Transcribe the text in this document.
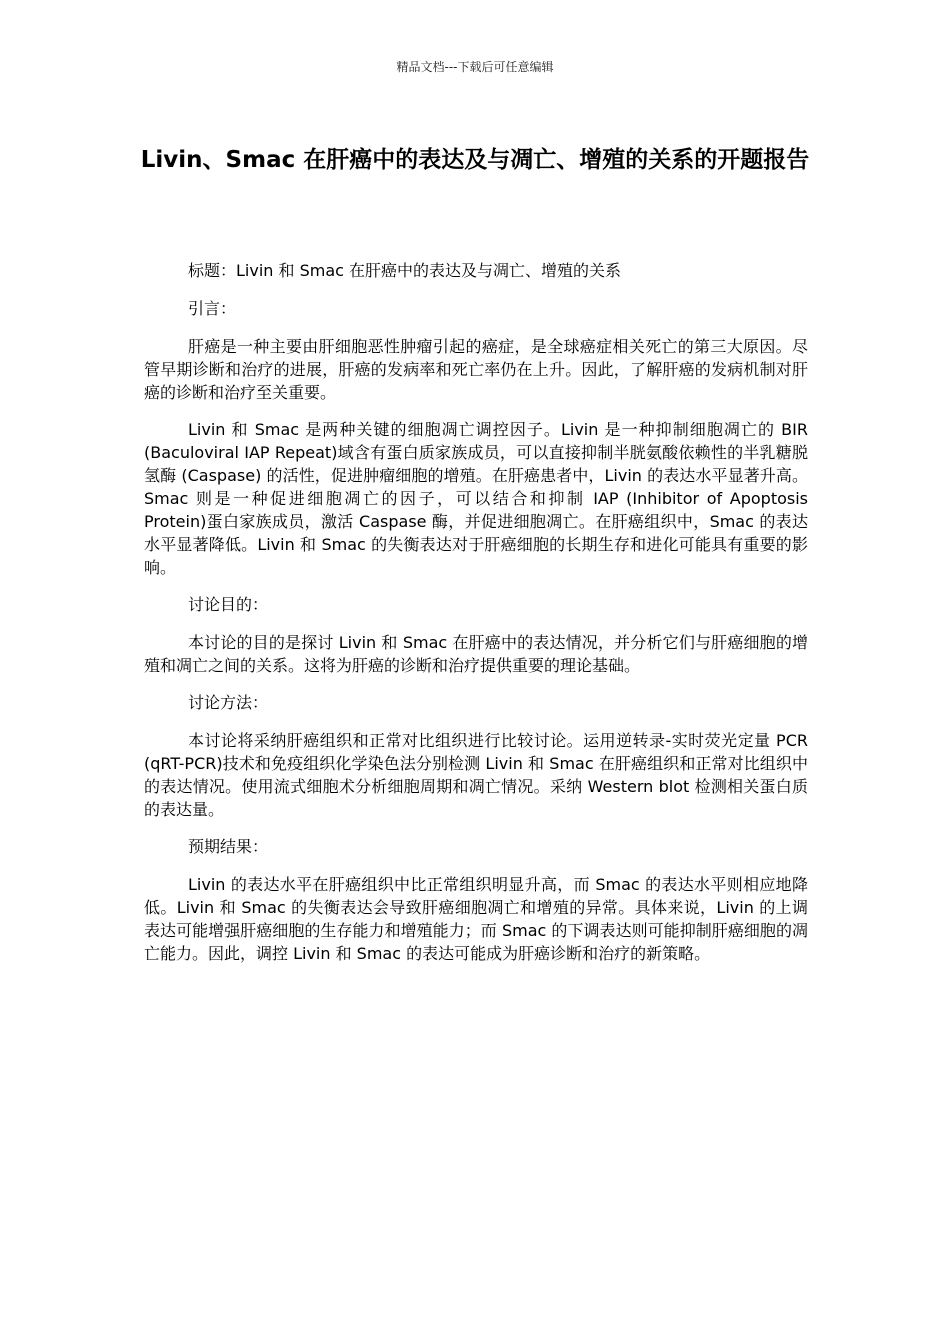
精品文档---下载后可任意编辑
Livin、Smac 在肝癌中的表达及与凋亡、增殖的关系的开题报告

标题：Livin 和 Smac 在肝癌中的表达及与凋亡、增殖的关系

引言：

肝癌是一种主要由肝细胞恶性肿瘤引起的癌症，是全球癌症相关死亡的第三大原因。尽管早期诊断和治疗的进展，肝癌的发病率和死亡率仍在上升。因此，了解肝癌的发病机制对肝癌的诊断和治疗至关重要。

Livin 和 Smac 是两种关键的细胞凋亡调控因子。Livin 是一种抑制细胞凋亡的 BIR (Baculoviral IAP Repeat)域含有蛋白质家族成员，可以直接抑制半胱氨酸依赖性的半乳糖脱氢酶 (Caspase) 的活性，促进肿瘤细胞的增殖。在肝癌患者中，Livin 的表达水平显著升高。Smac 则是一种促进细胞凋亡的因子，可以结合和抑制 IAP (Inhibitor of Apoptosis Protein)蛋白家族成员，激活 Caspase 酶，并促进细胞凋亡。在肝癌组织中，Smac 的表达水平显著降低。Livin 和 Smac 的失衡表达对于肝癌细胞的长期生存和进化可能具有重要的影响。

讨论目的：

本讨论的目的是探讨 Livin 和 Smac 在肝癌中的表达情况，并分析它们与肝癌细胞的增殖和凋亡之间的关系。这将为肝癌的诊断和治疗提供重要的理论基础。

讨论方法：

本讨论将采纳肝癌组织和正常对比组织进行比较讨论。运用逆转录-实时荧光定量 PCR (qRT-PCR)技术和免疫组织化学染色法分别检测 Livin 和 Smac 在肝癌组织和正常对比组织中的表达情况。使用流式细胞术分析细胞周期和凋亡情况。采纳 Western blot 检测相关蛋白质的表达量。

预期结果：

Livin 的表达水平在肝癌组织中比正常组织明显升高，而 Smac 的表达水平则相应地降低。Livin 和 Smac 的失衡表达会导致肝癌细胞凋亡和增殖的异常。具体来说，Livin 的上调表达可能增强肝癌细胞的生存能力和增殖能力；而 Smac 的下调表达则可能抑制肝癌细胞的凋亡能力。因此，调控 Livin 和 Smac 的表达可能成为肝癌诊断和治疗的新策略。
